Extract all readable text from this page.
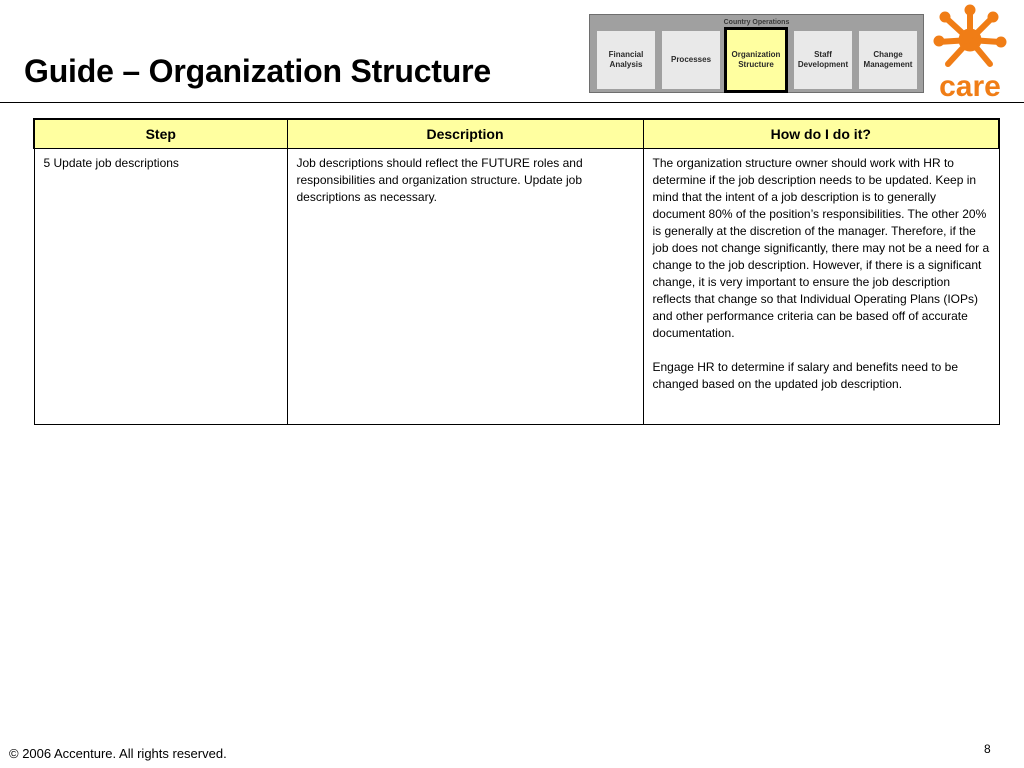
Guide – Organization Structure
Country Operations
Financial
Analysis
Processes
Organization
Structure
Staff
Development
Change
Management
care
Step	Description	How do I do it?
5 Update job descriptions	Job descriptions should reflect the FUTURE roles and responsibilities and organization structure. Update job descriptions as necessary.	The organization structure owner should work with HR to determine if the job description needs to be updated. Keep in mind that the intent of a job description is to generally document 80% of the position’s responsibilities. The other 20% is generally at the discretion of the manager. Therefore, if the job does not change significantly, there may not be a need for a change to the job description. However, if there is a significant change, it is very important to ensure the job description reflects that change so that Individual Operating Plans (IOPs) and other performance criteria can be based off of accurate documentation.

Engage HR to determine if salary and benefits need to be changed based on the updated job description.

© 2006 Accenture. All rights reserved.	8
